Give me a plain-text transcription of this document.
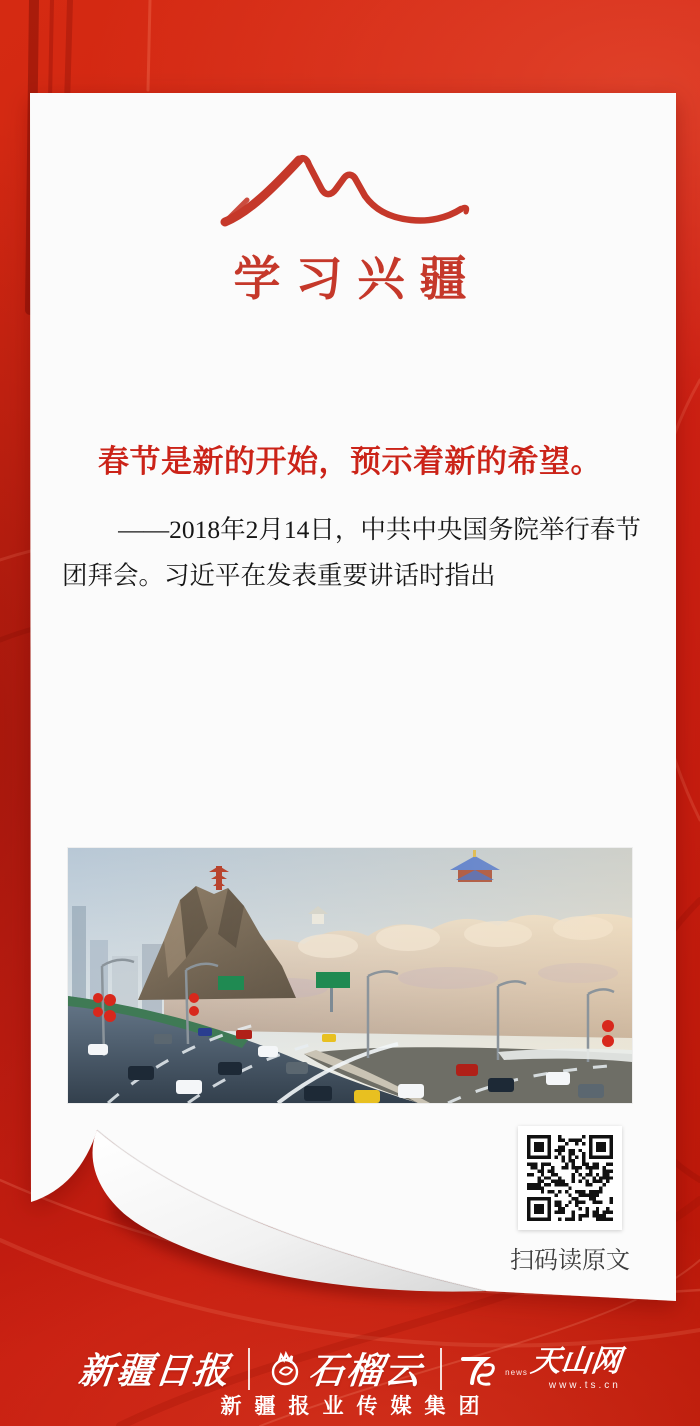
学习兴疆
春节是新的开始，预示着新的希望。
——2018年2月14日，中共中央国务院举行春节团拜会。习近平在发表重要讲话时指出
扫码读原文
新疆日报 石榴云	news 天山网
www.ts.cn
新疆报业传媒集团
